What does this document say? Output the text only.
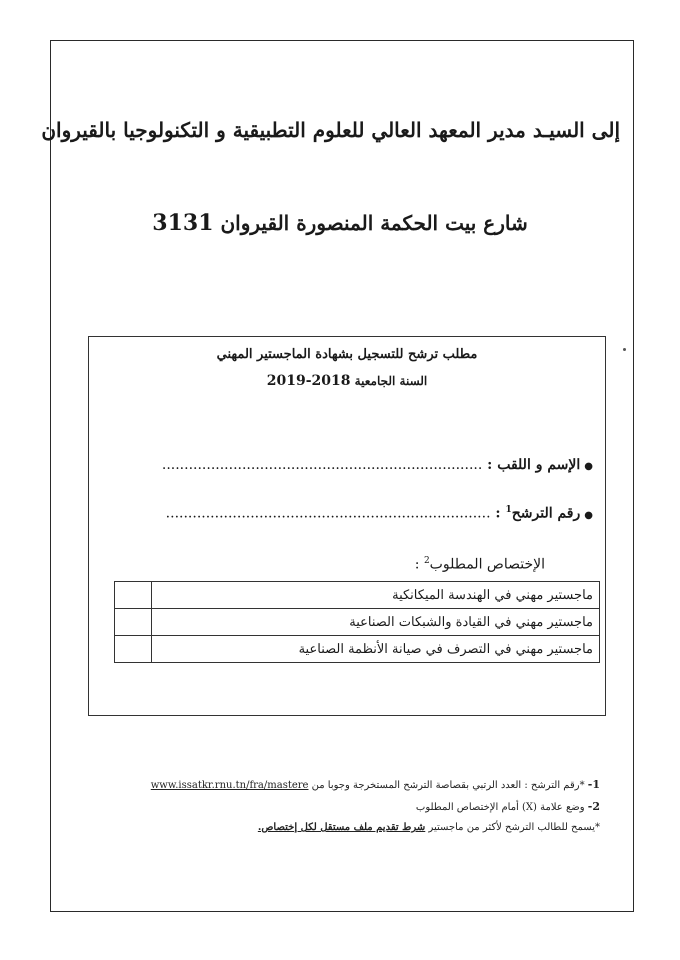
إلى السيـد مدير المعهد العالي للعلوم التطبيقية و التكنولوجيا بالقيروان
شارع بيت الحكمة المنصورة القيروان 3131
مطلب ترشح للتسجيل بشهادة الماجستير المهني
السنة الجامعية 2018-2019
●الإسم و اللقب : ........................................................................
●رقم الترشح$^1$ : .........................................................................
الإختصاص المطلوب$^2$ :
ماجستير مهني في الهندسة الميكانكية	
ماجستير مهني في القيادة والشبكات الصناعية	
ماجستير مهني في التصرف في صيانة الأنظمة الصناعية	
1- *رقم الترشح : العدد الرتبي بقصاصة الترشح المستخرجة وجوبا من www.issatkr.rnu.tn/fra/mastere
2- وضع علامة (X) أمام الإختصاص المطلوب
*يسمح للطالب الترشح لأكثر من ماجستير شرط تقديم ملف مستقل لكل إختصاص.
